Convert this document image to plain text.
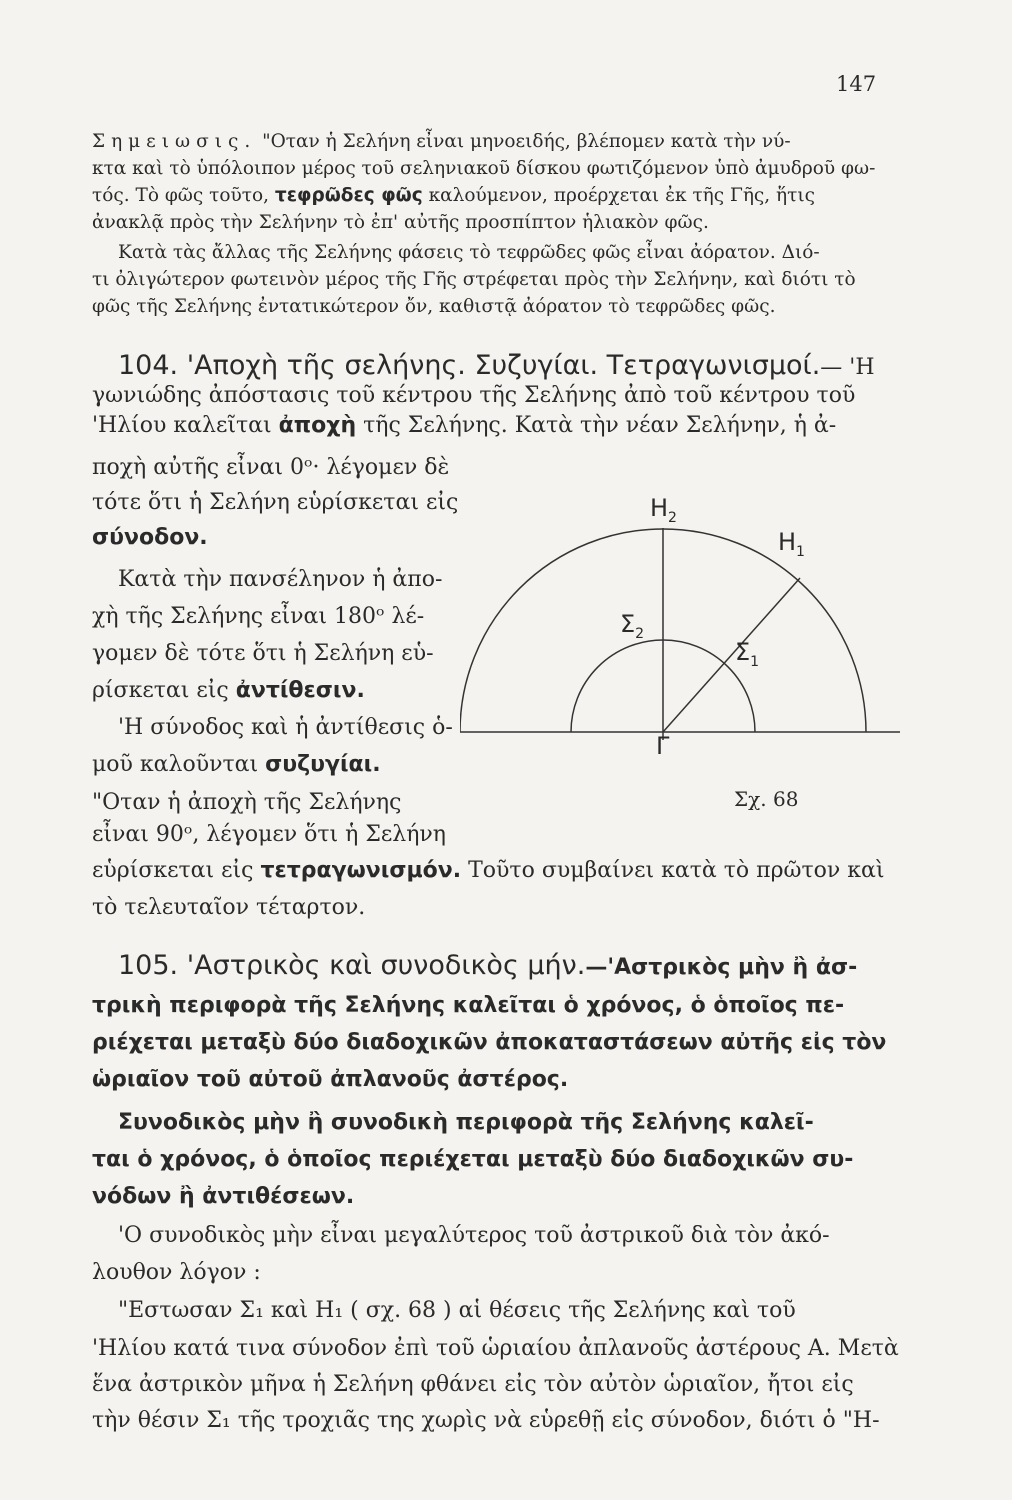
147
Σημειωσις. "Οταν ἡ Σελήνη εἶναι μηνοειδής, βλέπομεν κατὰ τὴν νύ-
κτα καὶ τὸ ὑπόλοιπον μέρος τοῦ σεληνιακοῦ δίσκου φωτιζόμενον ὑπὸ ἀμυδροῦ φω-
τός. Τὸ φῶς τοῦτο, τεφρῶδες φῶς καλούμενον, προέρχεται ἐκ τῆς Γῆς, ἥτις
ἀνακλᾷ πρὸς τὴν Σελήνην τὸ ἐπ' αὐτῆς προσπίπτον ἡλιακὸν φῶς.
Κατὰ τὰς ἄλλας τῆς Σελήνης φάσεις τὸ τεφρῶδες φῶς εἶναι ἀόρατον. Διό-
τι ὀλιγώτερον φωτεινὸν μέρος τῆς Γῆς στρέφεται πρὸς τὴν Σελήνην, καὶ διότι τὸ
φῶς τῆς Σελήνης ἐντατικώτερον ὄν, καθιστᾷ ἀόρατον τὸ τεφρῶδες φῶς.
104. 'Αποχὴ τῆς σελήνης. Συζυγίαι. Τετραγωνισμοί.— 'Η
γωνιώδης ἀπόστασις τοῦ κέντρου τῆς Σελήνης ἀπὸ τοῦ κέντρου τοῦ
'Ηλίου καλεῖται ἀποχὴ τῆς Σελήνης. Κατὰ τὴν νέαν Σελήνην, ἡ ἀ-
ποχὴ αὐτῆς εἶναι 0ᵒ· λέγομεν δὲ
τότε ὅτι ἡ Σελήνη εὑρίσκεται εἰς
σύνοδον.
Κατὰ τὴν πανσέληνον ἡ ἀπο-
χὴ τῆς Σελήνης εἶναι 180ᵒ λέ-
γομεν δὲ τότε ὅτι ἡ Σελήνη εὑ-
ρίσκεται εἰς ἀντίθεσιν.
'Η σύνοδος καὶ ἡ ἀντίθεσις ὁ-
μοῦ καλοῦνται συζυγίαι.
"Οταν ἡ ἀποχὴ τῆς Σελήνης
εἶναι 90ᵒ, λέγομεν ὅτι ἡ Σελήνη
εὑρίσκεται εἰς τετραγωνισμόν. Τοῦτο συμβαίνει κατὰ τὸ πρῶτον καὶ
τὸ τελευταῖον τέταρτον.
$H_2$
$H_1$
$\Sigma_2$
$\Sigma_1$
Γ
Σχ. 68
105. 'Αστρικὸς καὶ συνοδικὸς μήν.—'Αστρικὸς μὴν ἢ ἀσ-
τρικὴ περιφορὰ τῆς Σελήνης καλεῖται ὁ χρόνος, ὁ ὁποῖος πε-
ριέχεται μεταξὺ δύο διαδοχικῶν ἀποκαταστάσεων αὐτῆς εἰς τὸν
ὡριαῖον τοῦ αὐτοῦ ἀπλανοῦς ἀστέρος.
Συνοδικὸς μὴν ἢ συνοδικὴ περιφορὰ τῆς Σελήνης καλεῖ-
ται ὁ χρόνος, ὁ ὁποῖος περιέχεται μεταξὺ δύο διαδοχικῶν συ-
νόδων ἢ ἀντιθέσεων.
'Ο συνοδικὸς μὴν εἶναι μεγαλύτερος τοῦ ἀστρικοῦ διὰ τὸν ἀκό-
λουθον λόγον :
"Εστωσαν Σ₁ καὶ Η₁ ( σχ. 68 ) αἱ θέσεις τῆς Σελήνης καὶ τοῦ
'Ηλίου κατά τινα σύνοδον ἐπὶ τοῦ ὡριαίου ἀπλανοῦς ἀστέρους Α. Μετὰ
ἕνα ἀστρικὸν μῆνα ἡ Σελήνη φθάνει εἰς τὸν αὐτὸν ὡριαῖον, ἤτοι εἰς
τὴν θέσιν Σ₁ τῆς τροχιᾶς της χωρὶς νὰ εὑρεθῇ εἰς σύνοδον, διότι ὁ "Η-
